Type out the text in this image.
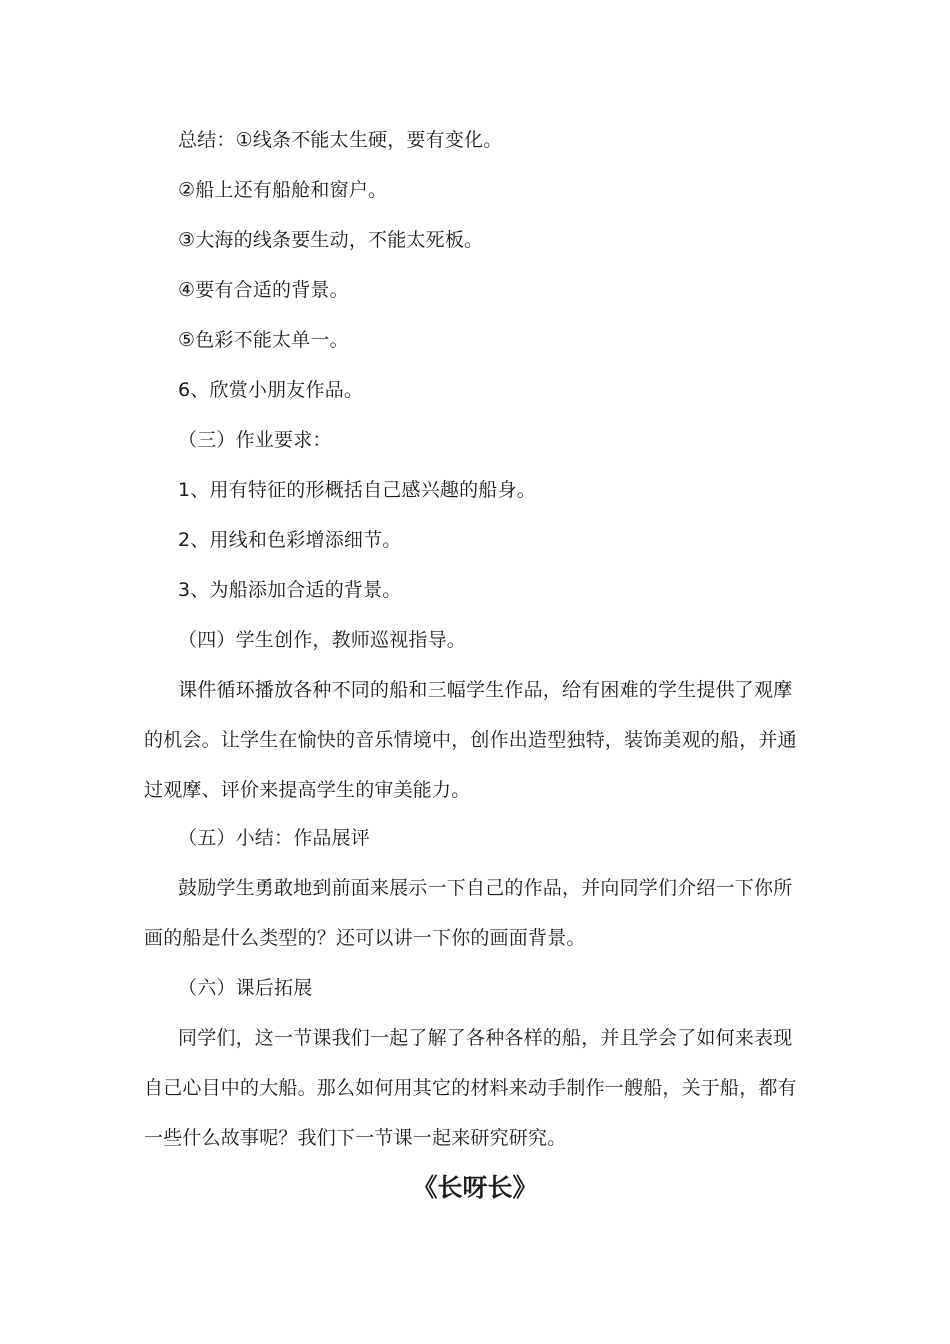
总结：①线条不能太生硬，要有变化。
②船上还有船舱和窗户。
③大海的线条要生动，不能太死板。
④要有合适的背景。
⑤色彩不能太单一。
6、欣赏小朋友作品。
（三）作业要求：
1、用有特征的形概括自己感兴趣的船身。
2、用线和色彩增添细节。
3、为船添加合适的背景。
（四）学生创作，教师巡视指导。
课件循环播放各种不同的船和三幅学生作品，给有困难的学生提供了观摩
的机会。让学生在愉快的音乐情境中，创作出造型独特，装饰美观的船，并通
过观摩、评价来提高学生的审美能力。
（五）小结：作品展评
鼓励学生勇敢地到前面来展示一下自己的作品，并向同学们介绍一下你所
画的船是什么类型的？还可以讲一下你的画面背景。
（六）课后拓展
同学们，这一节课我们一起了解了各种各样的船，并且学会了如何来表现
自己心目中的大船。那么如何用其它的材料来动手制作一艘船，关于船，都有
一些什么故事呢？我们下一节课一起来研究研究。
《长呀长》
